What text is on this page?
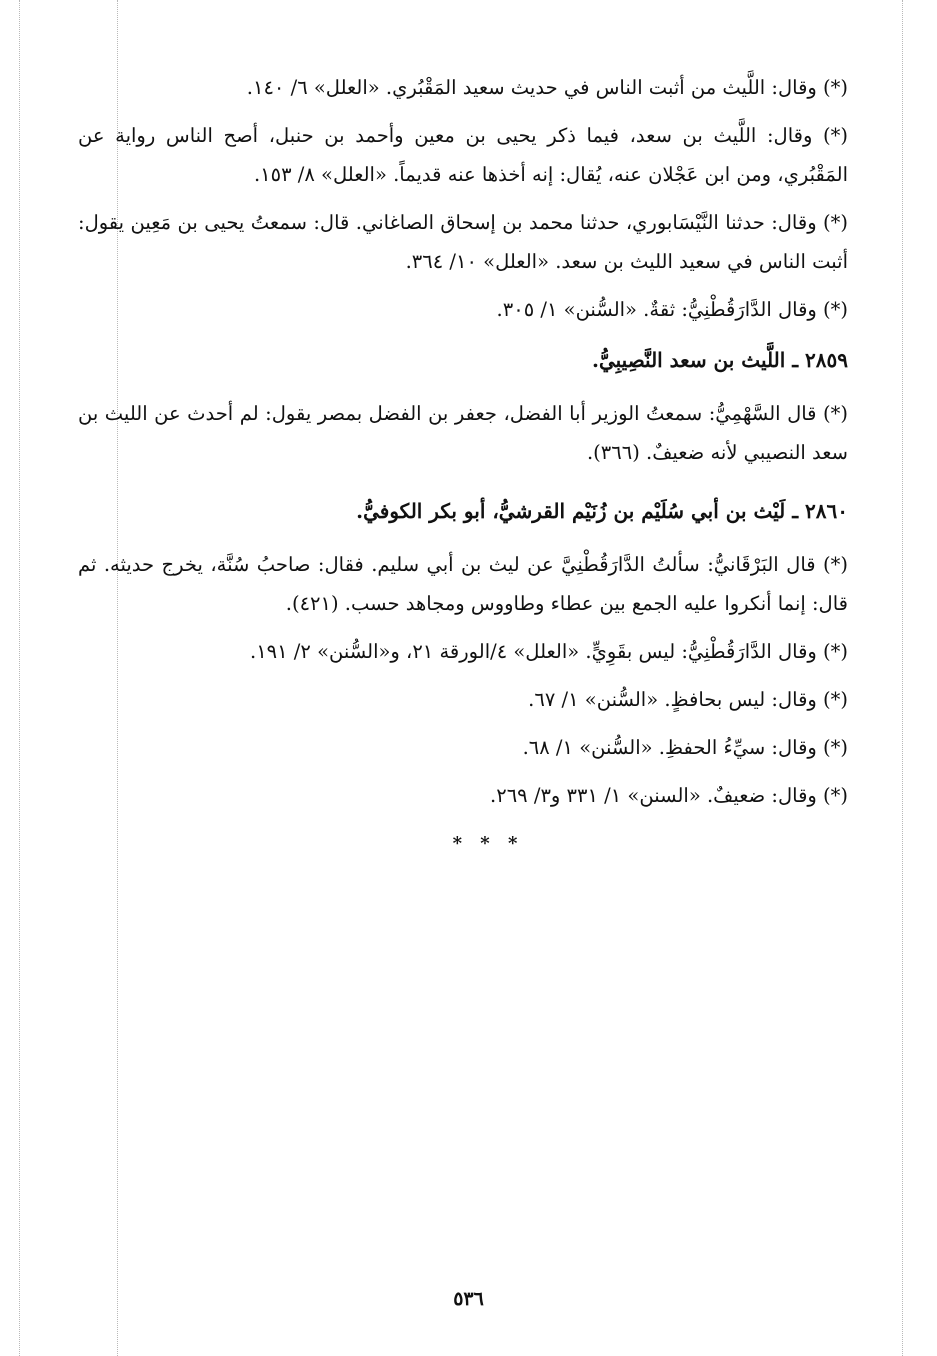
(*) وقال: اللَّيث من أثبت الناس في حديث سعيد المَقْبُري. «العلل» ٦/ ١٤٠.

(*) وقال: اللَّيث بن سعد، فيما ذكر يحيى بن معين وأحمد بن حنبل، أصح الناس رواية عن المَقْبُري، ومن ابن عَجْلان عنه، يُقال: إنه أخذها عنه قديماً. «العلل» ٨/ ١٥٣.

(*) وقال: حدثنا النَّيْسَابوري، حدثنا محمد بن إسحاق الصاغاني. قال: سمعتُ يحيى بن مَعِين يقول: أثبت الناس في سعيد الليث بن سعد. «العلل» ١٠/ ٣٦٤.

(*) وقال الدَّارَقُطْنِيُّ: ثقةٌ. «السُّنن» ١/ ٣٠٥.

٢٨٥٩ ـ اللَّيث بن سعد النَّصِيبِيُّ.

(*) قال السَّهْمِيُّ: سمعتُ الوزير أبا الفضل، جعفر بن الفضل بمصر يقول: لم أحدث عن الليث بن سعد النصيبي لأنه ضعيفٌ. (٣٦٦).

٢٨٦٠ ـ لَيْث بن أبي سُلَيْم بن زُنَيْم القرشيُّ، أبو بكر الكوفيُّ.

(*) قال البَرْقَانيُّ: سألتُ الدَّارَقُطْنِيَّ عن ليث بن أبي سليم. فقال: صاحبُ سُنَّة، يخرج حديثه. ثم قال: إنما أنكروا عليه الجمع بين عطاء وطاووس ومجاهد حسب. (٤٢١).

(*) وقال الدَّارَقُطْنِيُّ: ليس بقَوِيٍّ. «العلل» ٤/الورقة ٢١، و«السُّنن» ٢/ ١٩١.

(*) وقال: ليس بحافظٍ. «السُّنن» ١/ ٦٧.

(*) وقال: سيِّءُ الحفظِ. «السُّنن» ١/ ٦٨.

(*) وقال: ضعيفٌ. «السنن» ١/ ٣٣١ و٣/ ٢٦٩.

* * *
٥٣٦
